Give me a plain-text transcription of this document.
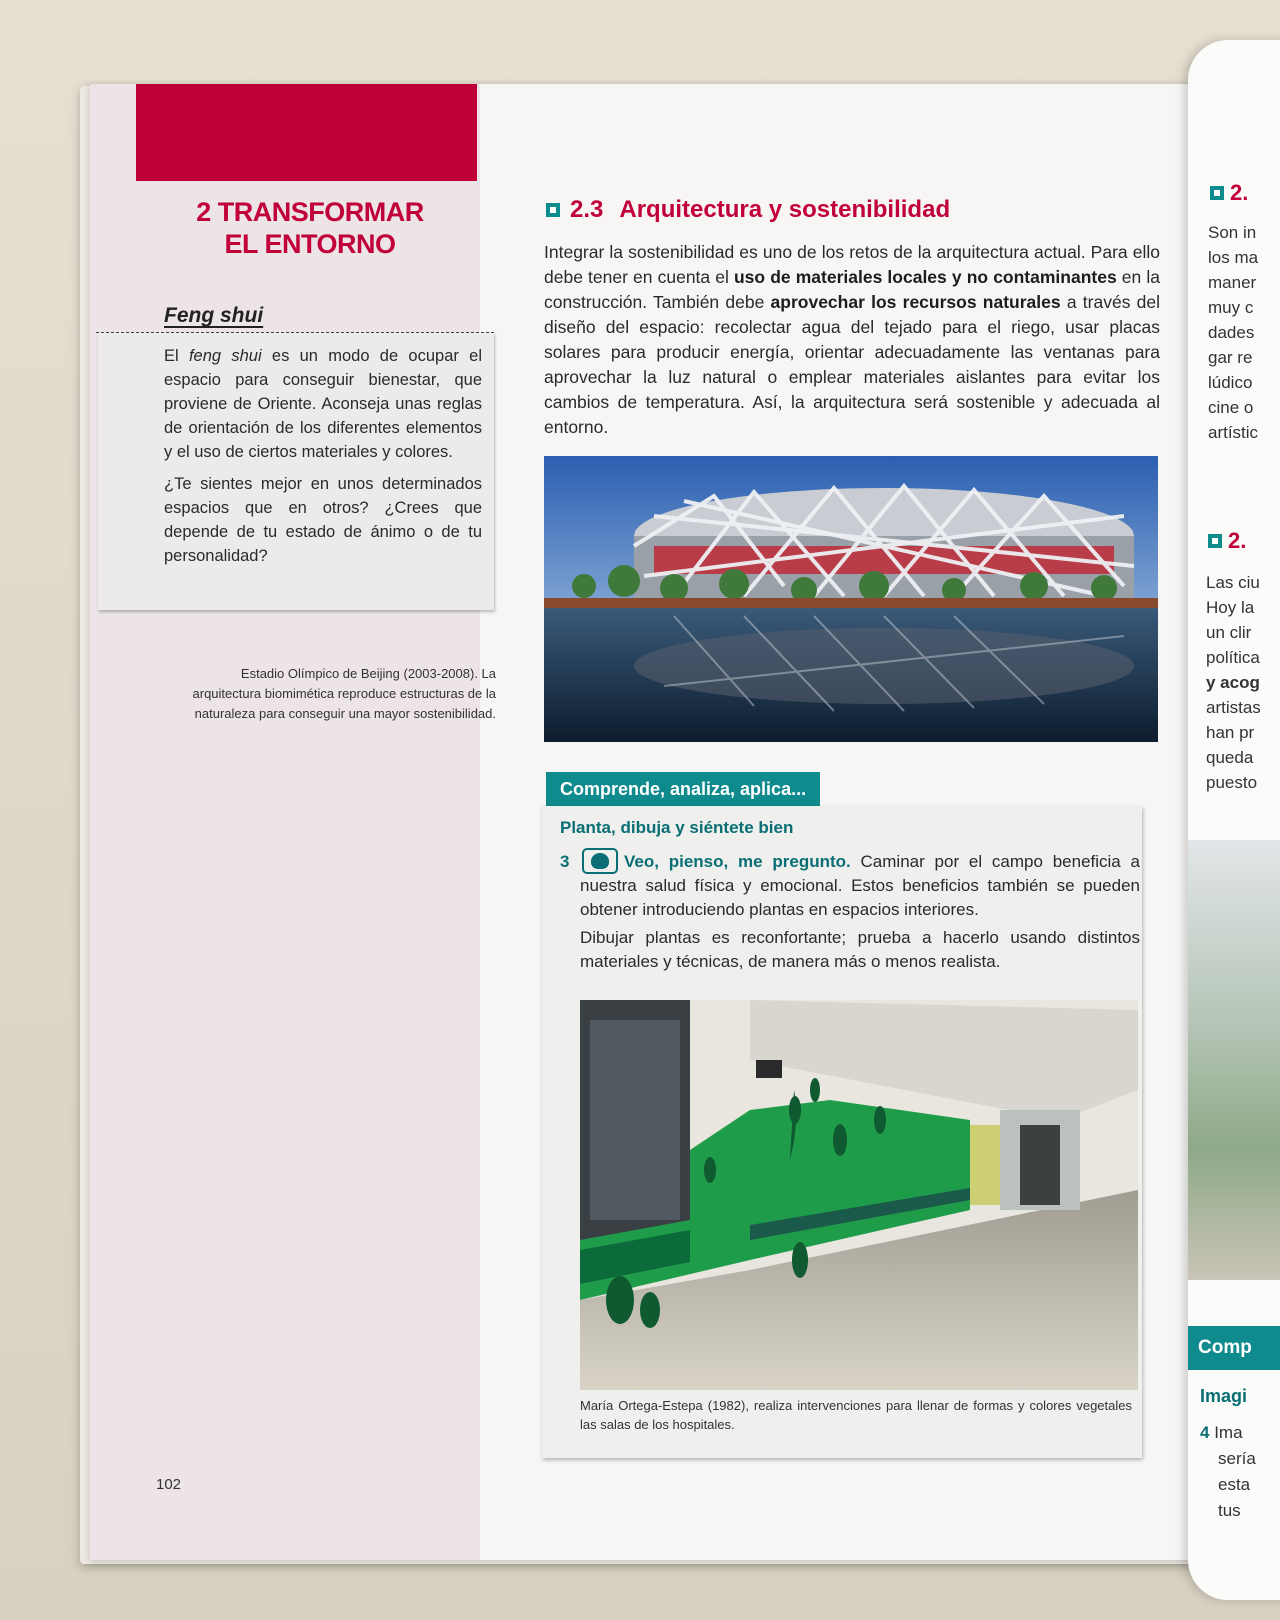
2 TRANSFORMAR
EL ENTORNO
Feng shui

El feng shui es un modo de ocupar el espacio para conseguir bienestar, que proviene de Oriente. Aconseja unas reglas de orientación de los diferentes elementos y el uso de ciertos materiales y colores.

¿Te sientes mejor en unos determinados espacios que en otros? ¿Crees que depende de tu estado de ánimo o de tu personalidad?

Estadio Olímpico de Beijing (2003-2008). La arquitectura biomimética reproduce estructuras de la naturaleza para conseguir una mayor sostenibilidad.
2.3 Arquitectura y sostenibilidad
Integrar la sostenibilidad es uno de los retos de la arquitectura actual. Para ello debe tener en cuenta el uso de materiales locales y no contaminantes en la construcción. También debe aprovechar los recursos naturales a través del diseño del espacio: recolectar agua del tejado para el riego, usar placas solares para producir energía, orientar adecuadamente las ventanas para aprovechar la luz natural o emplear materiales aislantes para evitar los cambios de temperatura. Así, la arquitectura será sostenible y adecuada al entorno.
Comprende, analiza, aplica...
Planta, dibuja y siéntete bien
3	Veo, pienso, me pregunto. Caminar por el campo beneficia a nuestra salud física y emocional. Estos beneficios también se pueden obtener introduciendo plantas en espacios interiores.

Dibujar plantas es reconfortante; prueba a hacerlo usando distintos materiales y técnicas, de manera más o menos realista.

María Ortega-Estepa (1982), realiza intervenciones para llenar de formas y colores vegetales las salas de los hospitales.
102
2.
Son in
los ma
maner
muy c
dades
gar re
lúdico
cine o
artístic
2.
Las ciu
Hoy la
un clir
política
y acog
artistas
han pr
queda
puesto
Comp
Imagi
4 Ima
sería
esta
tus
